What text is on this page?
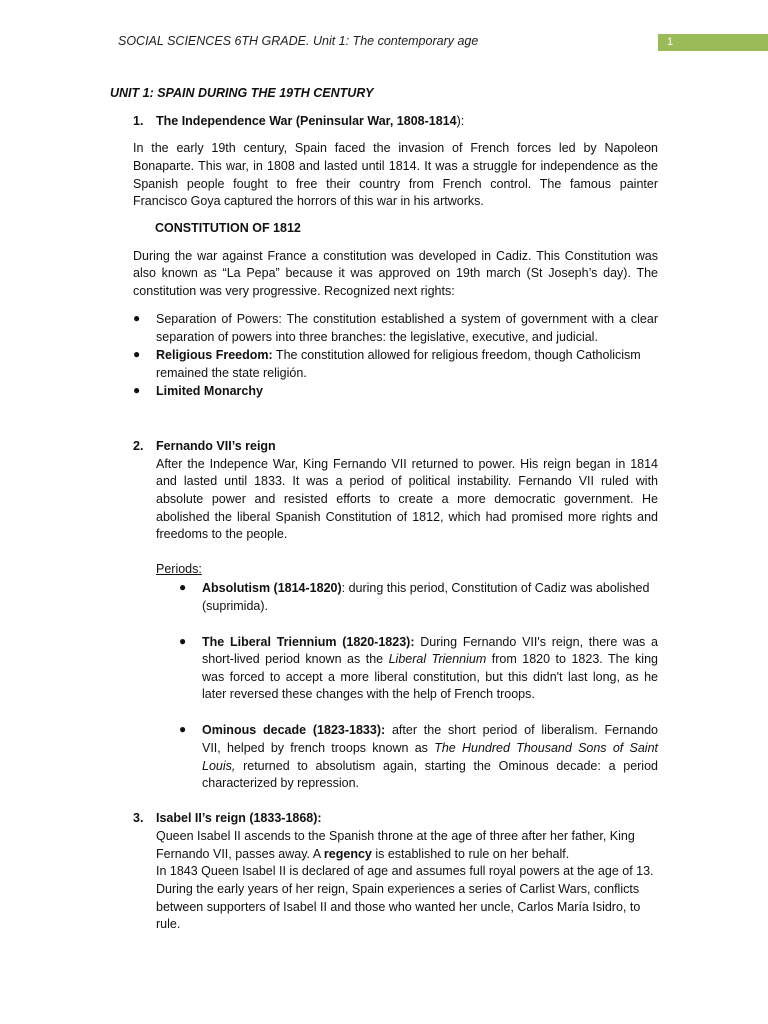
SOCIAL SCIENCES 6TH GRADE. Unit 1: The contemporary age	1
UNIT 1: SPAIN DURING THE 19TH CENTURY
1. The Independence War (Peninsular War, 1808-1814):
In the early 19th century, Spain faced the invasion of French forces led by Napoleon
Bonaparte. This war, in 1808 and lasted until 1814. It was a struggle for independence as the
Spanish people fought to free their country from French control. The famous painter
Francisco Goya captured the horrors of this war in his artworks.
CONSTITUTION OF 1812
During the war against France a constitution was developed in Cadiz. This Constitution was
also known as “La Pepa” because it was approved on 19th march (St Joseph’s day). The
constitution was very progressive. Recognized next rights:
● Separation of Powers: The constitution established a system of government with a clear
separation of powers into three branches: the legislative, executive, and judicial.
● Religious Freedom: The constitution allowed for religious freedom, though Catholicism
remained the state religión.
● Limited Monarchy
2. Fernando VII’s reign
After the Indepence War, King Fernando VII returned to power. His reign began in 1814
and lasted until 1833. It was a period of political instability. Fernando VII ruled with
absolute power and resisted efforts to create a more democratic government. He
abolished the liberal Spanish Constitution of 1812, which had promised more rights and
freedoms to the people.
Periods:
● Absolutism (1814-1820): during this period, Constitution of Cadiz was abolished
(suprimida).
● The Liberal Triennium (1820-1823): During Fernando VII's reign, there was a
short-lived period known as the Liberal Triennium from 1820 to 1823. The king
was forced to accept a more liberal constitution, but this didn't last long, as he
later reversed these changes with the help of French troops.
● Ominous decade (1823-1833): after the short period of liberalism. Fernando
VII, helped by french troops known as The Hundred Thousand Sons of Saint
Louis, returned to absolutism again, starting the Ominous decade: a period
characterized by repression.
3. Isabel II’s reign (1833-1868):
Queen Isabel II ascends to the Spanish throne at the age of three after her father, King
Fernando VII, passes away. A regency is established to rule on her behalf.
In 1843 Queen Isabel II is declared of age and assumes full royal powers at the age of 13.
During the early years of her reign, Spain experiences a series of Carlist Wars, conflicts
between supporters of Isabel II and those who wanted her uncle, Carlos María Isidro, to
rule.
